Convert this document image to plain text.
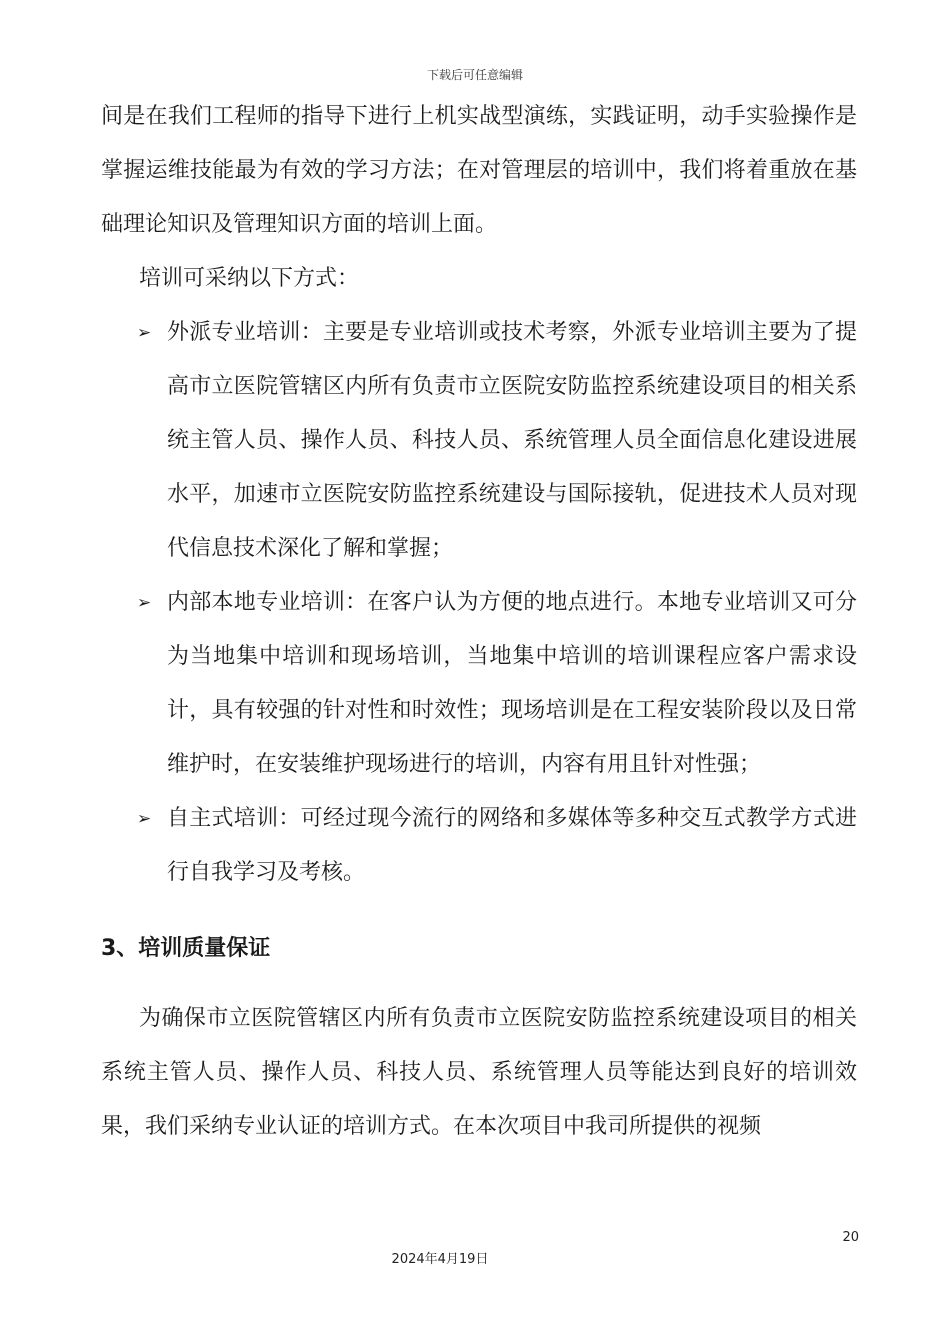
下载后可任意编辑

间是在我们工程师的指导下进行上机实战型演练，实践证明，动手实验操作是掌握运维技能最为有效的学习方法；在对管理层的培训中，我们将着重放在基础理论知识及管理知识方面的培训上面。

培训可采纳以下方式：

➢ 外派专业培训：主要是专业培训或技术考察，外派专业培训主要为了提高市立医院管辖区内所有负责市立医院安防监控系统建设项目的相关系统主管人员、操作人员、科技人员、系统管理人员全面信息化建设进展水平，加速市立医院安防监控系统建设与国际接轨，促进技术人员对现代信息技术深化了解和掌握；
➢ 内部本地专业培训：在客户认为方便的地点进行。本地专业培训又可分为当地集中培训和现场培训，当地集中培训的培训课程应客户需求设计，具有较强的针对性和时效性；现场培训是在工程安装阶段以及日常维护时，在安装维护现场进行的培训，内容有用且针对性强；
➢ 自主式培训：可经过现今流行的网络和多媒体等多种交互式教学方式进行自我学习及考核。
3、培训质量保证

为确保市立医院管辖区内所有负责市立医院安防监控系统建设项目的相关系统主管人员、操作人员、科技人员、系统管理人员等能达到良好的培训效果，我们采纳专业认证的培训方式。在本次项目中我司所提供的视频

20
2024年4月19日
